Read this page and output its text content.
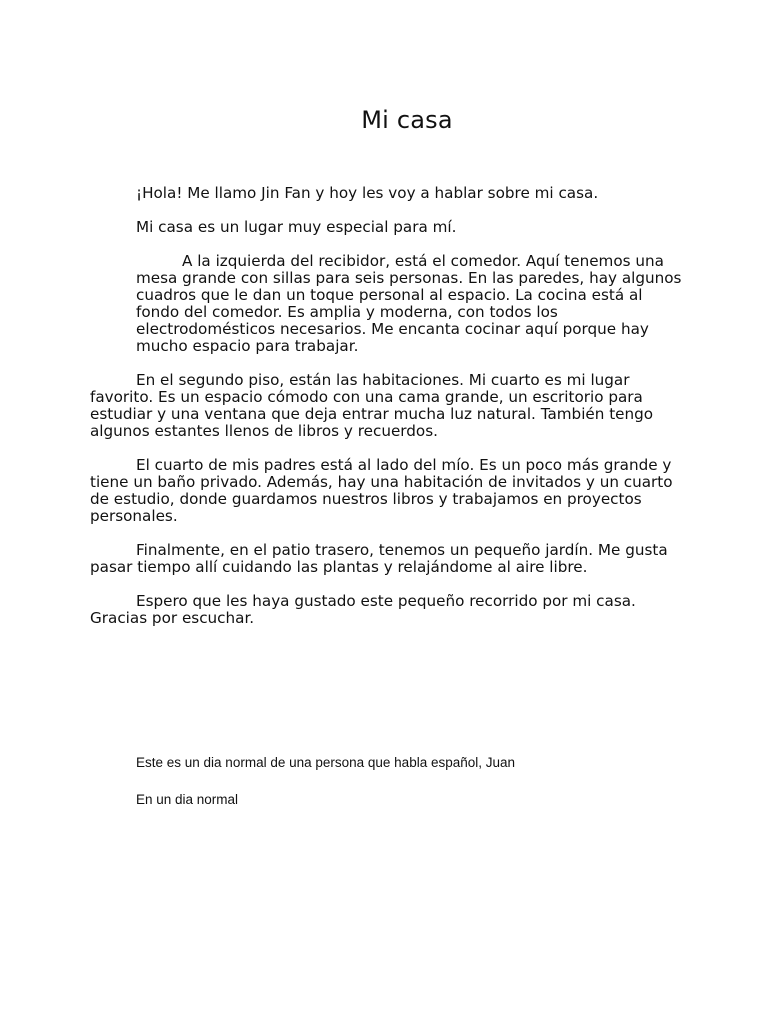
Mi casa

¡Hola! Me llamo Jin Fan y hoy les voy a hablar sobre mi casa.

Mi casa es un lugar muy especial para mí.

A la izquierda del recibidor, está el comedor. Aquí tenemos una mesa grande con sillas para seis personas. En las paredes, hay algunos cuadros que le dan un toque personal al espacio. La cocina está al fondo del comedor. Es amplia y moderna, con todos los electrodomésticos necesarios. Me encanta cocinar aquí porque hay mucho espacio para trabajar.

En el segundo piso, están las habitaciones. Mi cuarto es mi lugar favorito. Es un espacio cómodo con una cama grande, un escritorio para estudiar y una ventana que deja entrar mucha luz natural. También tengo algunos estantes llenos de libros y recuerdos.

El cuarto de mis padres está al lado del mío. Es un poco más grande y tiene un baño privado. Además, hay una habitación de invitados y un cuarto de estudio, donde guardamos nuestros libros y trabajamos en proyectos personales.

Finalmente, en el patio trasero, tenemos un pequeño jardín. Me gusta pasar tiempo allí cuidando las plantas y relajándome al aire libre.

Espero que les haya gustado este pequeño recorrido por mi casa. Gracias por escuchar.

Este es un dia normal de una persona que habla español, Juan

En un dia normal
